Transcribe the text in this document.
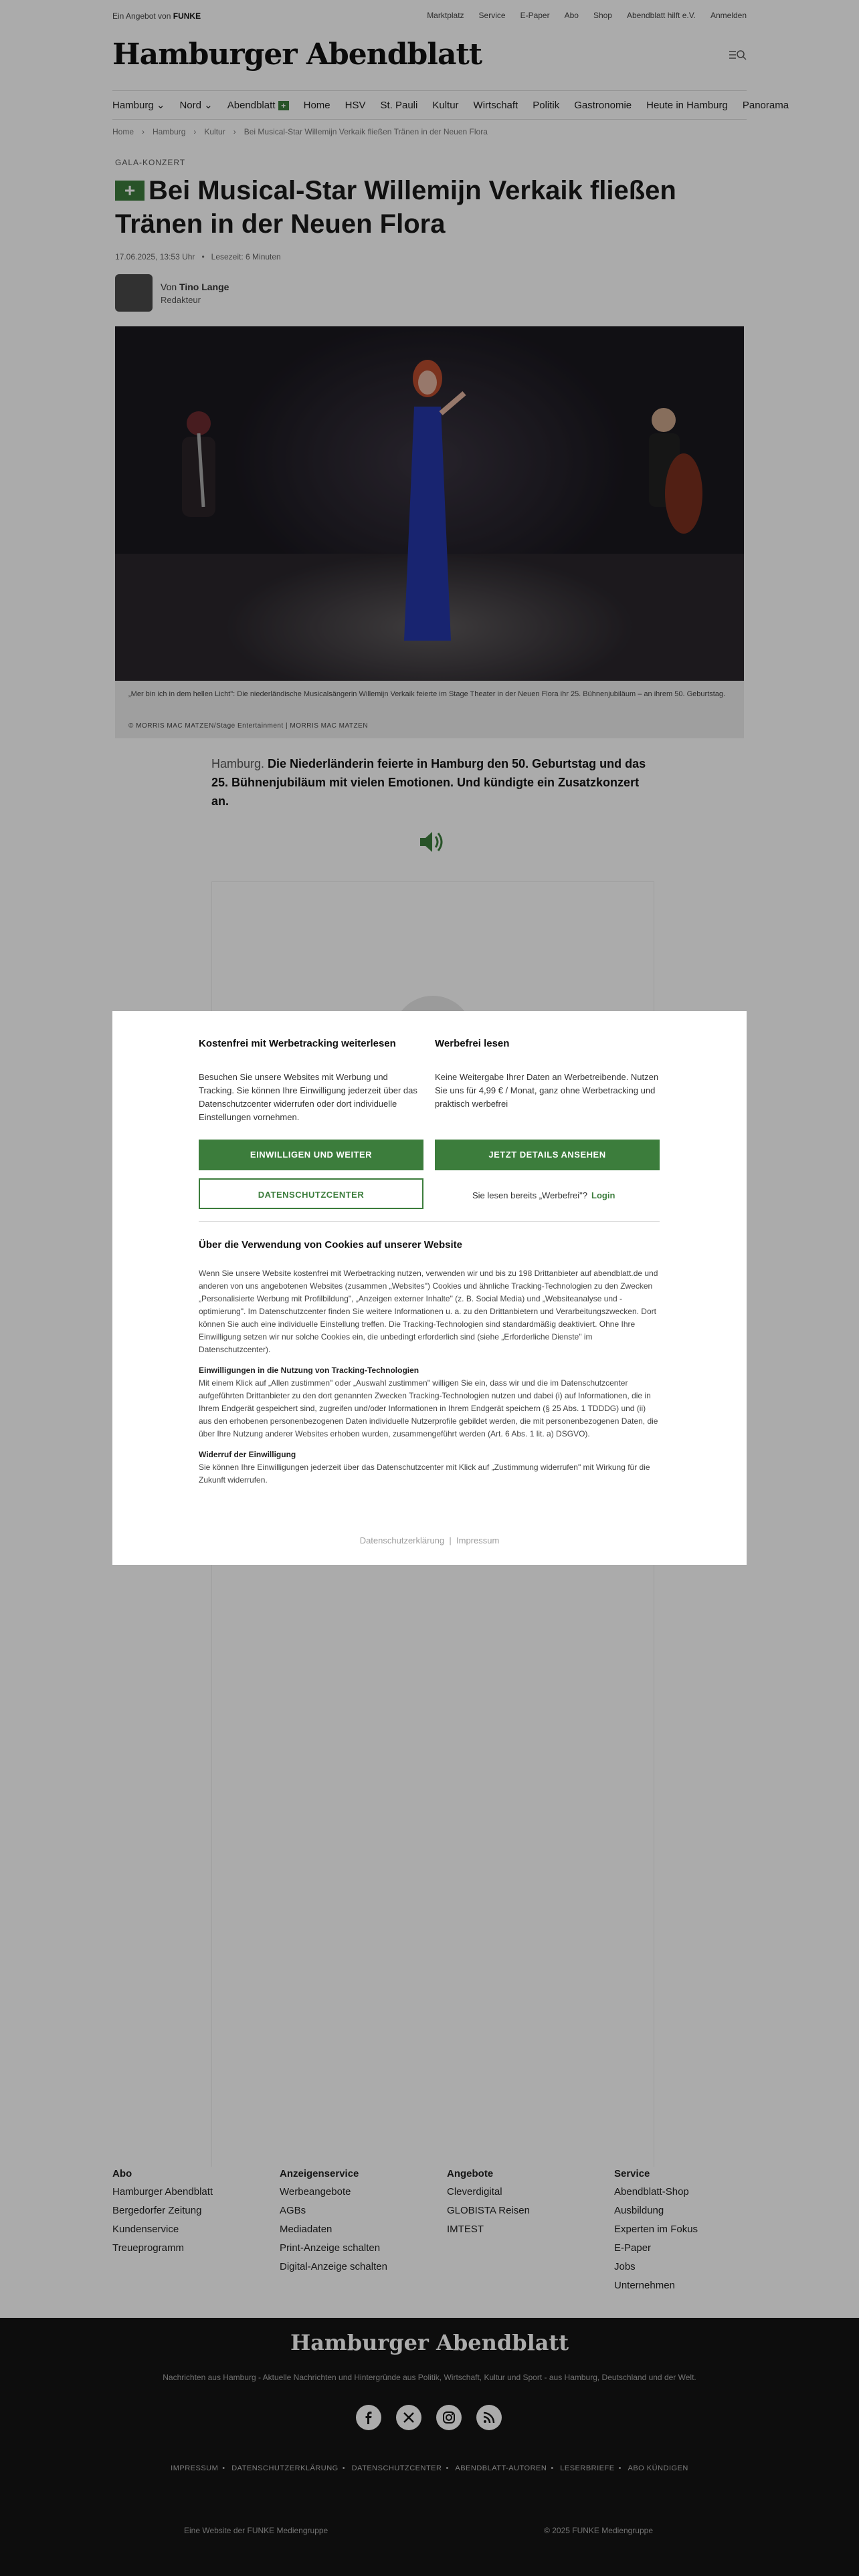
Ein Angebot von FUNKE	Marktplatz Service E-Paper Abo Shop Abendblatt hilft e.V. Anmelden
Hamburger Abendblatt
Hamburg ⌄ Nord ⌄ Abendblatt +	Home HSV St. Pauli Kultur Wirtschaft Politik Gastronomie Heute in Hamburg Panorama
Home › Hamburg › Kultur › Bei Musical-Star Willemijn Verkaik fließen Tränen in der Neuen Flora
GALA-KONZERT
+ Bei Musical-Star Willemijn Verkaik fließen Tränen in der Neuen Flora
17.06.2025, 13:53 Uhr   •   Lesezeit: 6 Minuten
Von Tino Lange
Redakteur
„Mer bin ich in dem hellen Licht": Die niederländische Musicalsängerin Willemijn Verkaik feierte im Stage Theater in der Neuen Flora ihr 25. Bühnenjubiläum – an ihrem 50. Geburtstag.
© MORRIS MAC MATZEN/Stage Entertainment | MORRIS MAC MATZEN
Hamburg. Die Niederländerin feierte in Hamburg den 50. Geburtstag und das 25. Bühnenjubiläum mit vielen Emotionen. Und kündigte ein Zusatzkonzert an.
Abo
Hamburger Abendblatt
Bergedorfer Zeitung
Kundenservice
Treueprogramm
Anzeigenservice
Werbeangebote
AGBs
Mediadaten
Print-Anzeige schalten
Digital-Anzeige schalten
Angebote
Cleverdigital
GLOBISTA Reisen
IMTEST
Service
Abendblatt-Shop
Ausbildung
Experten im Fokus
E-Paper
Jobs
Unternehmen
Hamburger Abendblatt
Nachrichten aus Hamburg - Aktuelle Nachrichten und Hintergründe aus Politik, Wirtschaft, Kultur und Sport - aus Hamburg, Deutschland und der Welt.
IMPRESSUM • DATENSCHUTZERKLÄRUNG • DATENSCHUTZCENTER • ABENDBLATT-AUTOREN • LESERBRIEFE • ABO KÜNDIGEN
Eine Website der FUNKE Mediengruppe	© 2025 FUNKE Mediengruppe
Kostenfrei mit Werbetracking weiterlesen

Besuchen Sie unsere Websites mit Werbung und Tracking. Sie können Ihre Einwilligung jederzeit über das Datenschutzcenter widerrufen oder dort individuelle Einstellungen vornehmen.

Werbefrei lesen

Keine Weitergabe Ihrer Daten an Werbetreibende. Nutzen Sie uns für 4,99 € / Monat, ganz ohne Werbetracking und praktisch werbefrei

EINWILLIGEN UND WEITER	JETZT DETAILS ANSEHEN
DATENSCHUTZCENTER	Sie lesen bereits „Werbefrei"? Login
Über die Verwendung von Cookies auf unserer Website

Wenn Sie unsere Website kostenfrei mit Werbetracking nutzen, verwenden wir und bis zu 198 Drittanbieter auf abendblatt.de und anderen von uns angebotenen Websites (zusammen „Websites") Cookies und ähnliche Tracking-Technologien zu den Zwecken „Personalisierte Werbung mit Profilbildung", „Anzeigen externer Inhalte" (z. B. Social Media) und „Websiteanalyse und -optimierung". Im Datenschutzcenter finden Sie weitere Informationen u. a. zu den Drittanbietern und Verarbeitungszwecken. Dort können Sie auch eine individuelle Einstellung treffen. Die Tracking-Technologien sind standardmäßig deaktiviert. Ohne Ihre Einwilligung setzen wir nur solche Cookies ein, die unbedingt erforderlich sind (siehe „Erforderliche Dienste" im Datenschutzcenter).

Einwilligungen in die Nutzung von Tracking-Technologien

Mit einem Klick auf „Allen zustimmen" oder „Auswahl zustimmen" willigen Sie ein, dass wir und die im Datenschutzcenter aufgeführten Drittanbieter zu den dort genannten Zwecken Tracking-Technologien nutzen und dabei (i) auf Informationen, die in Ihrem Endgerät gespeichert sind, zugreifen und/oder Informationen in Ihrem Endgerät speichern (§ 25 Abs. 1 TDDDG) und (ii) aus den erhobenen personenbezogenen Daten individuelle Nutzerprofile gebildet werden, die mit personenbezogenen Daten, die über Ihre Nutzung anderer Websites erhoben wurden, zusammengeführt werden (Art. 6 Abs. 1 lit. a) DSGVO).

Widerruf der Einwilligung

Sie können Ihre Einwilligungen jederzeit über das Datenschutzcenter mit Klick auf „Zustimmung widerrufen" mit Wirkung für die Zukunft widerrufen.

Datenschutzerklärung | Impressum
